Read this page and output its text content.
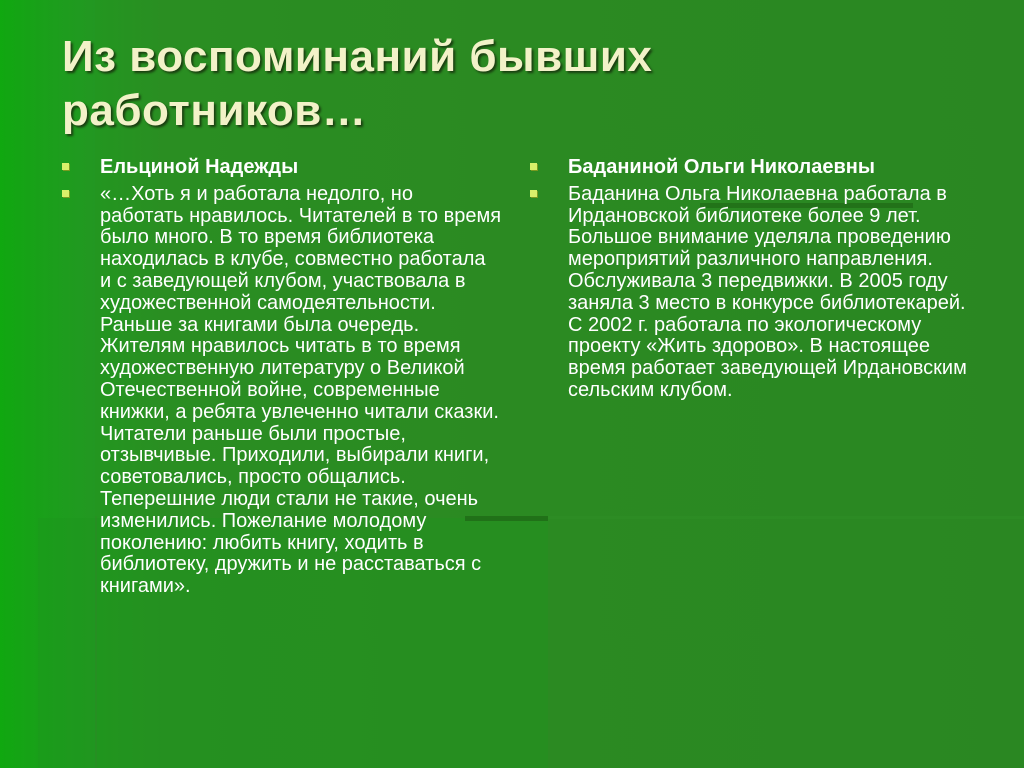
Из воспоминаний бывших
работников…
Ельциной Надежды
«…Хоть я и работала недолго, но работать нравилось. Читателей в то время было много. В то время библиотека находилась в клубе, совместно работала и с заведующей клубом, участвовала в художественной самодеятельности. Раньше за книгами была очередь. Жителям нравилось читать в то время художественную литературу о Великой Отечественной войне, современные книжки, а ребята увлеченно читали сказки. Читатели раньше были простые, отзывчивые. Приходили, выбирали книги, советовались, просто общались. Теперешние люди стали не такие, очень изменились. Пожелание молодому поколению: любить книгу, ходить в библиотеку, дружить и не расставаться с книгами».
Баданиной Ольги Николаевны
Баданина Ольга Николаевна работала в Ирдановской библиотеке более 9 лет. Большое внимание уделяла проведению мероприятий различного направления. Обслуживала 3 передвижки. В 2005 году заняла 3 место в конкурсе библиотекарей. С 2002 г. работала по экологическому проекту «Жить здорово». В настоящее время работает заведующей Ирдановским сельским клубом.
